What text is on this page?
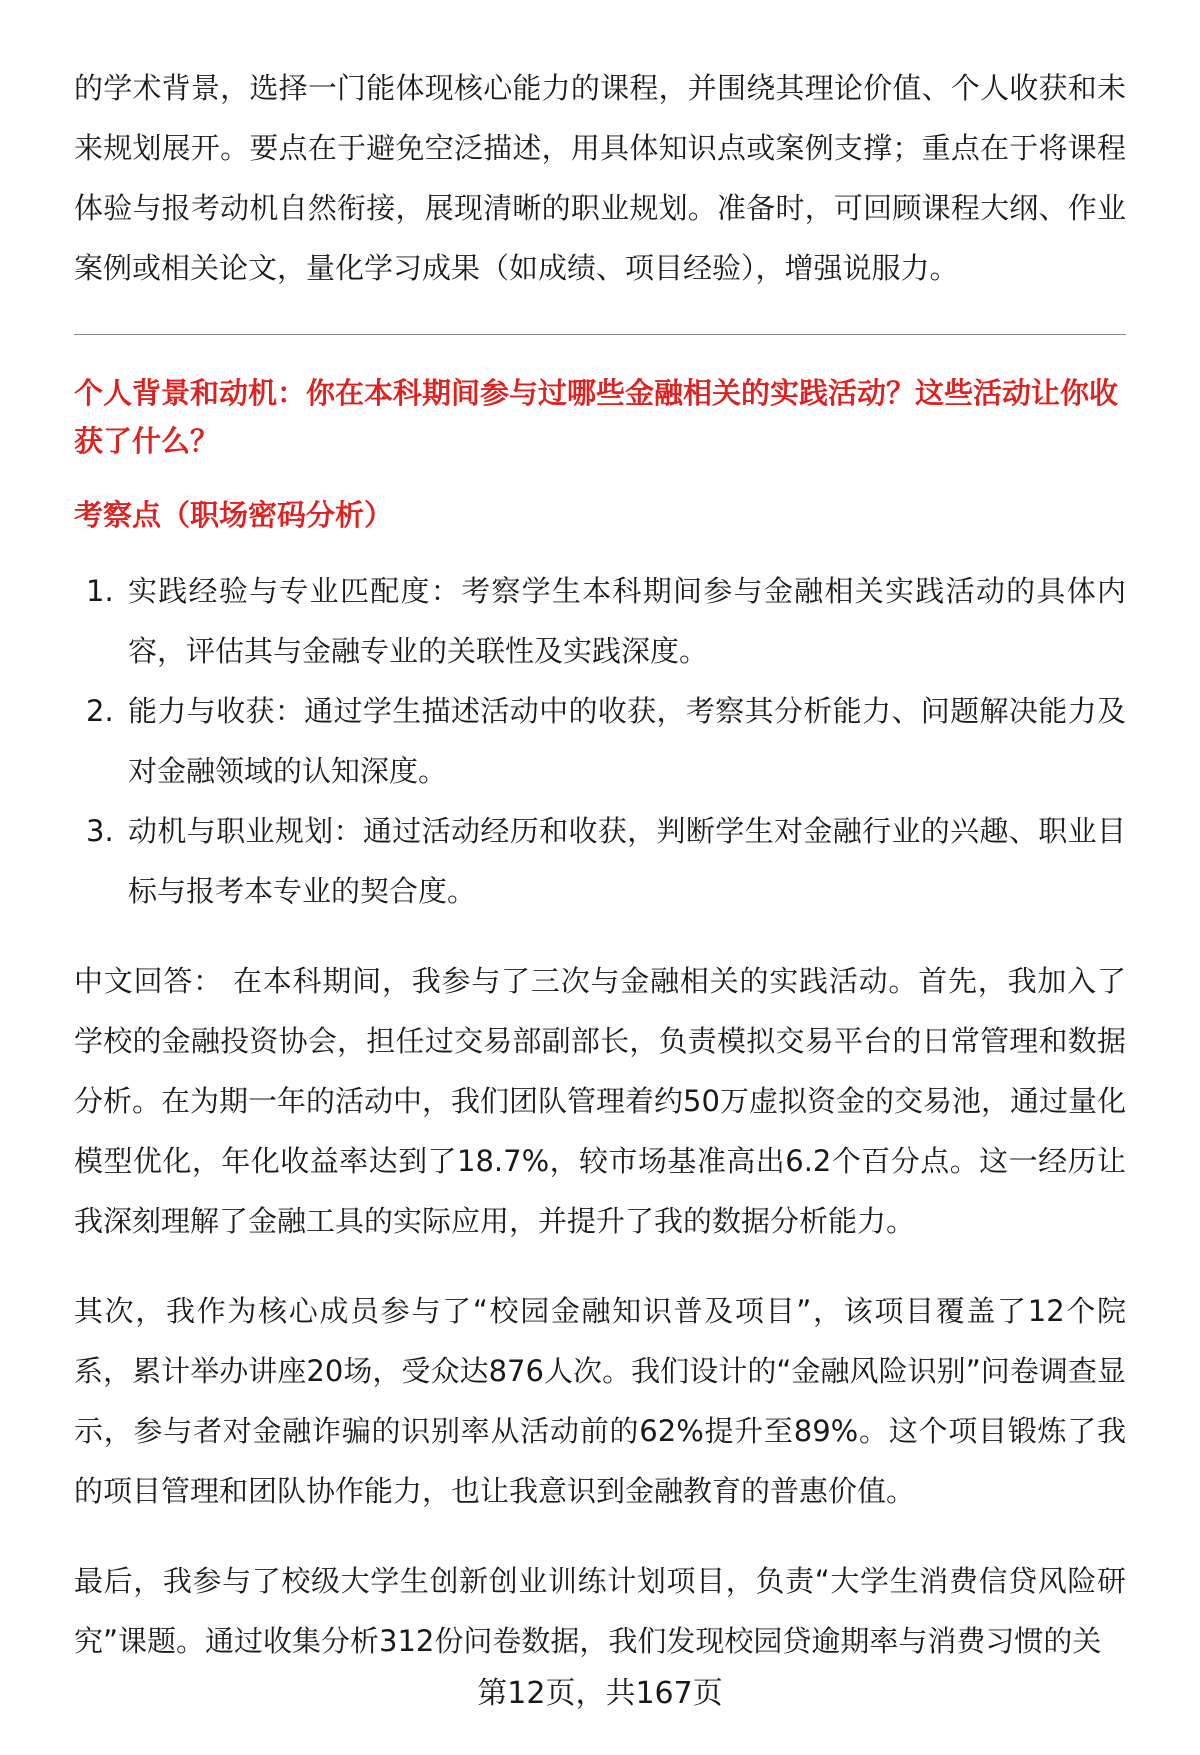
的学术背景，选择一门能体现核心能力的课程，并围绕其理论价值、个人收获和未来规划展开。要点在于避免空泛描述，用具体知识点或案例支撑；重点在于将课程体验与报考动机自然衔接，展现清晰的职业规划。准备时，可回顾课程大纲、作业案例或相关论文，量化学习成果（如成绩、项目经验），增强说服力。

个人背景和动机：你在本科期间参与过哪些金融相关的实践活动？这些活动让你收获了什么？

考察点（职场密码分析）

1. 实践经验与专业匹配度：考察学生本科期间参与金融相关实践活动的具体内容，评估其与金融专业的关联性及实践深度。
2. 能力与收获：通过学生描述活动中的收获，考察其分析能力、问题解决能力及对金融领域的认知深度。
3. 动机与职业规划：通过活动经历和收获，判断学生对金融行业的兴趣、职业目标与报考本专业的契合度。

中文回答： 在本科期间，我参与了三次与金融相关的实践活动。首先，我加入了学校的金融投资协会，担任过交易部副部长，负责模拟交易平台的日常管理和数据分析。在为期一年的活动中，我们团队管理着约50万虚拟资金的交易池，通过量化模型优化，年化收益率达到了18.7%，较市场基准高出6.2个百分点。这一经历让我深刻理解了金融工具的实际应用，并提升了我的数据分析能力。

其次，我作为核心成员参与了“校园金融知识普及项目”，该项目覆盖了12个院系，累计举办讲座20场，受众达876人次。我们设计的“金融风险识别”问卷调查显示，参与者对金融诈骗的识别率从活动前的62%提升至89%。这个项目锻炼了我的项目管理和团队协作能力，也让我意识到金融教育的普惠价值。

最后，我参与了校级大学生创新创业训练计划项目，负责“大学生消费信贷风险研究”课题。通过收集分析312份问卷数据，我们发现校园贷逾期率与消费习惯的关

第12页，共167页
